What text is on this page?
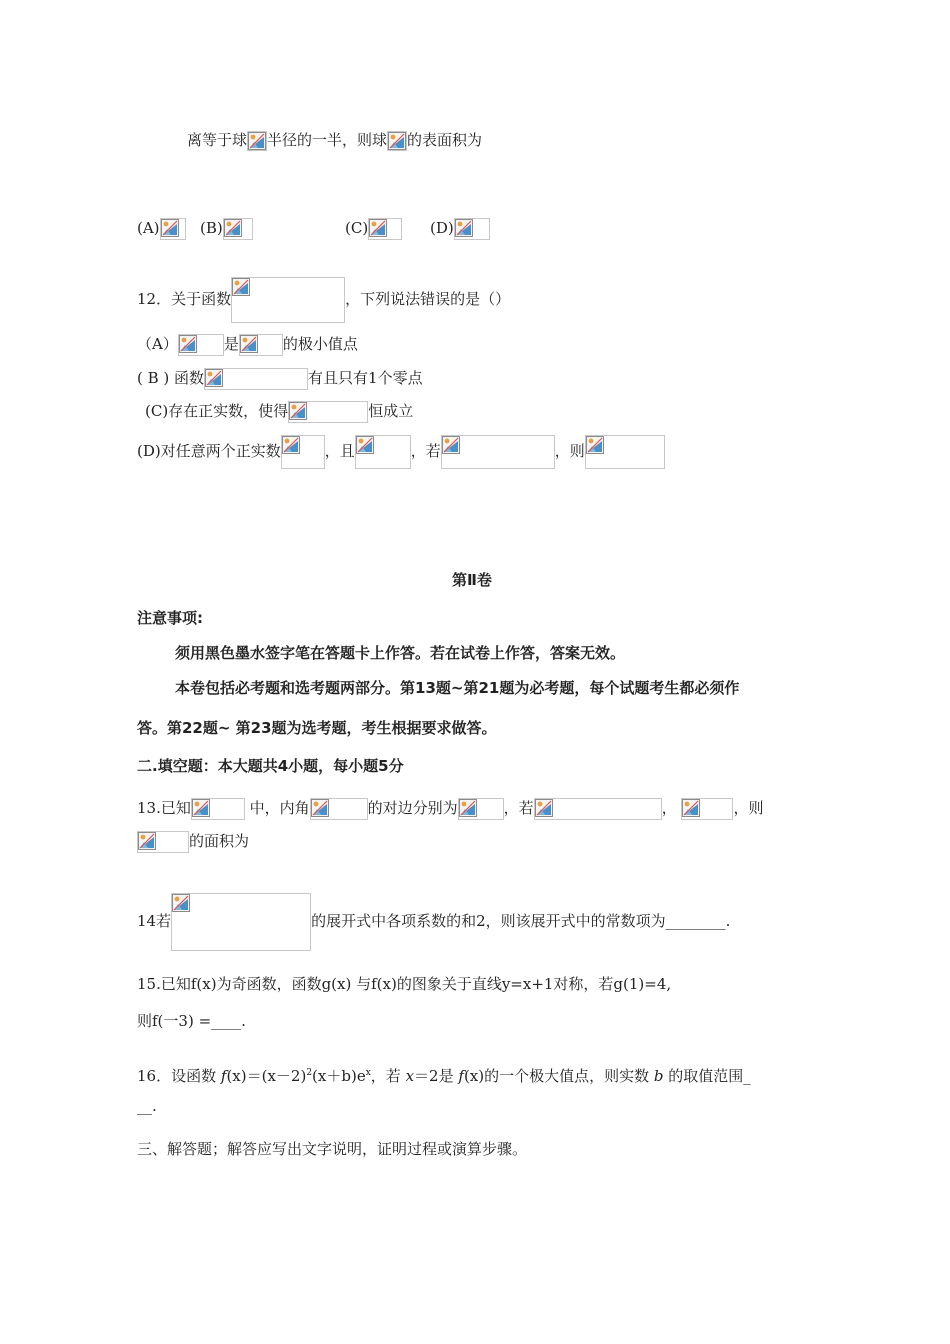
离等于球 半径的一半，则球 的表面积为
(A)	(B)	(C)	(D)
12．关于函数	，下列说法错误的是（）
（A）	是	的极小值点
( B ) 函数	有且只有1个零点
(C)存在正实数，使得	恒成立
(D)对任意两个正实数	，且	，若	，则
第Ⅱ卷
注意事项:
须用黑色墨水签字笔在答题卡上作答。若在试卷上作答，答案无效。
本卷包括必考题和选考题两部分。第13题~第21题为必考题，每个试题考生都必须作
答。第22题~ 第23题为选考题，考生根据要求做答。
二.填空题：本大题共4小题，每小题5分
13.已知	中，内角	的对边分别为	，若	，	，则
的面积为
14若	的展开式中各项系数的和2，则该展开式中的常数项为________.
15.已知f(x)为奇函数，函数g(x) 与f(x)的图象关于直线y=x+1对称，若g(1)=4,
则f(一3) =____.
16．设函数 $f(x)=(x-2)^2(x+b)e^x$，若 x＝2是 f(x)的一个极大值点，则实数 b 的取值范围_
__.
三、解答题；解答应写出文字说明，证明过程或演算步骤。
